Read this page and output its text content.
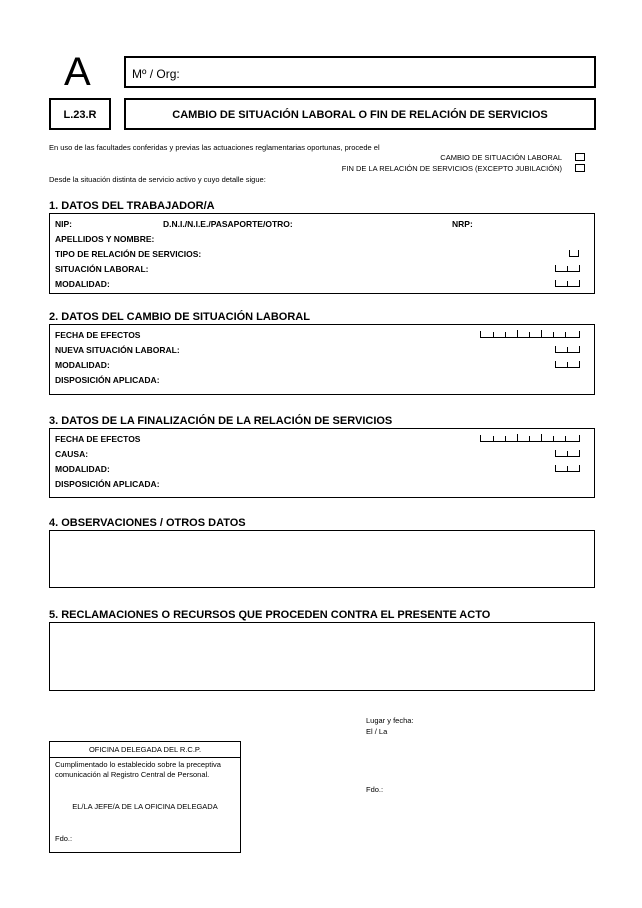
A	Mº / Org:
L.23.R	CAMBIO DE SITUACIÓN LABORAL O FIN DE RELACIÓN DE SERVICIOS
En uso de las facultades conferidas y previas las actuaciones reglamentarias oportunas, procede el
CAMBIO DE SITUACIÓN LABORAL
FIN DE LA RELACIÓN DE SERVICIOS (EXCEPTO JUBILACIÓN)
Desde la situación distinta de servicio activo y cuyo detalle sigue:
1. DATOS DEL TRABAJADOR/A
NIP:	D.N.I./N.I.E./PASAPORTE/OTRO:	NRP:
APELLIDOS Y NOMBRE:
TIPO DE RELACIÓN DE SERVICIOS:
SITUACIÓN LABORAL:
MODALIDAD:
2. DATOS DEL CAMBIO DE SITUACIÓN LABORAL
FECHA DE EFECTOS
NUEVA SITUACIÓN LABORAL:
MODALIDAD:
DISPOSICIÓN APLICADA:
3. DATOS DE LA FINALIZACIÓN DE LA RELACIÓN DE SERVICIOS
FECHA DE EFECTOS
CAUSA:
MODALIDAD:
DISPOSICIÓN APLICADA:
4. OBSERVACIONES / OTROS DATOS
5. RECLAMACIONES O RECURSOS QUE PROCEDEN CONTRA EL PRESENTE ACTO
Lugar y fecha:
El / La
Fdo.:
OFICINA DELEGADA DEL R.C.P.
Cumplimentado lo establecido sobre la preceptiva
comunicación al Registro Central de Personal.
EL/LA JEFE/A DE LA OFICINA DELEGADA
Fdo.:
